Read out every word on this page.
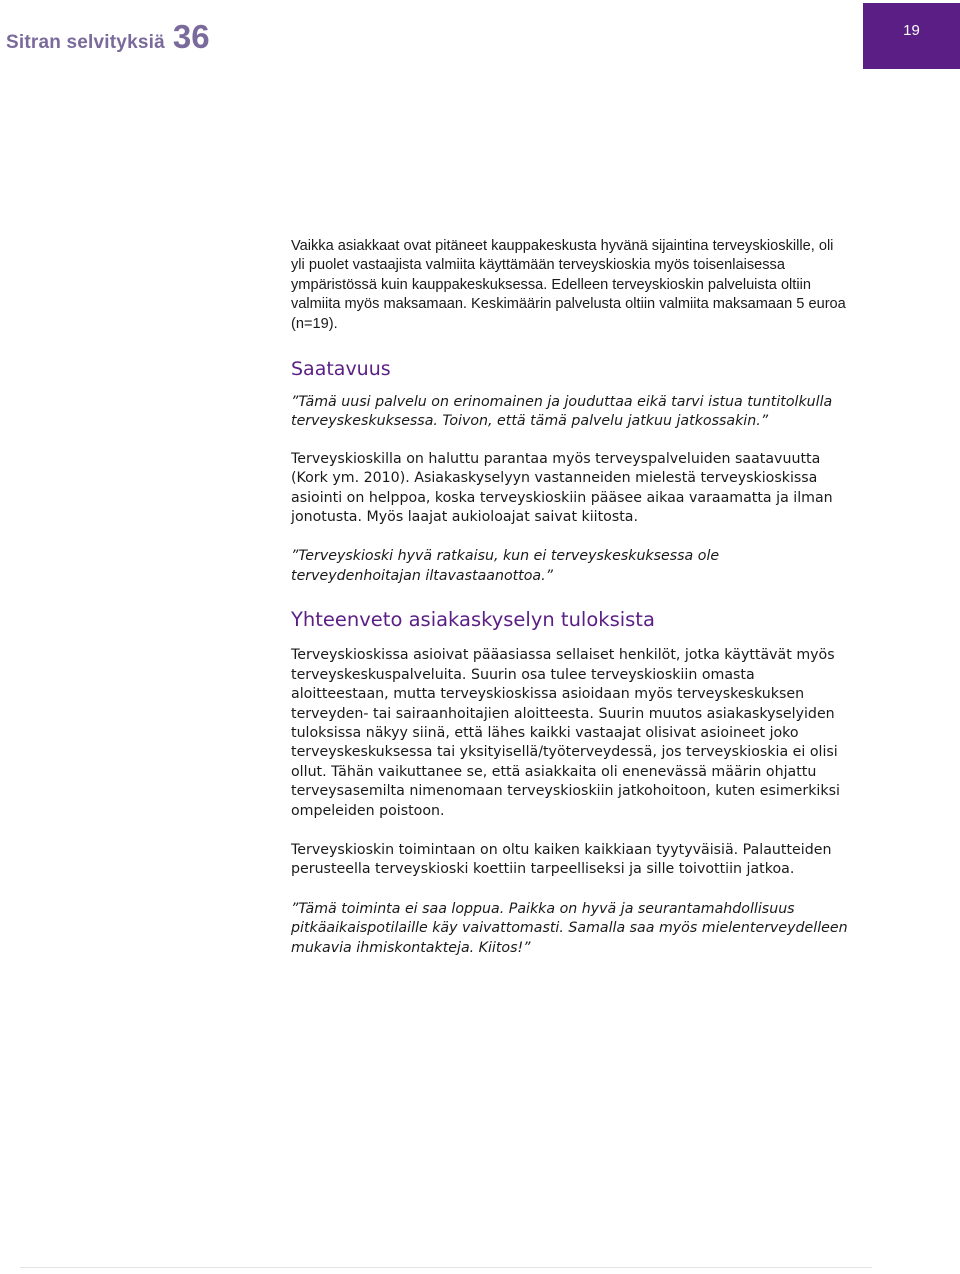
Sitran selvityksiä 36	19

Vaikka asiakkaat ovat pitäneet kauppakeskusta hyvänä sijaintina terveyskioskille, oli yli puolet vastaajista valmiita käyttämään terveyskioskia myös toisenlaisessa ympäristössä kuin kauppakeskuksessa. Edelleen terveyskioskin palveluista oltiin valmiita myös maksamaan. Keskimäärin palvelusta oltiin valmiita maksamaan 5 euroa (n=19).

Saatavuus

”Tämä uusi palvelu on erinomainen ja jouduttaa eikä tarvi istua tuntitolkulla terveyskeskuksessa. Toivon, että tämä palvelu jatkuu jatkossakin.”

Terveyskioskilla on haluttu parantaa myös terveyspalveluiden saatavuutta (Kork ym. 2010). Asiakaskyselyyn vastanneiden mielestä terveyskioskissa asiointi on helppoa, koska terveyskioskiin pääsee aikaa varaamatta ja ilman jonotusta. Myös laajat aukioloajat saivat kiitosta.

”Terveyskioski hyvä ratkaisu, kun ei terveyskeskuksessa ole terveydenhoitajan iltavastaanottoa.”

Yhteenveto asiakaskyselyn tuloksista

Terveyskioskissa asioivat pääasiassa sellaiset henkilöt, jotka käyttävät myös terveyskeskuspalveluita. Suurin osa tulee terveyskioskiin omasta aloitteestaan, mutta terveyskioskissa asioidaan myös terveyskeskuksen terveyden- tai sairaanhoitajien aloitteesta. Suurin muutos asiakaskyselyiden tuloksissa näkyy siinä, että lähes kaikki vastaajat olisivat asioineet joko terveyskeskuksessa tai yksityisellä/työterveydessä, jos terveyskioskia ei olisi ollut. Tähän vaikuttanee se, että asiakkaita oli enenevässä määrin ohjattu terveysasemilta nimenomaan terveyskioskiin jatkohoitoon, kuten esimerkiksi ompeleiden poistoon.

Terveyskioskin toimintaan on oltu kaiken kaikkiaan tyytyväisiä. Palautteiden perusteella terveyskioski koettiin tarpeelliseksi ja sille toivottiin jatkoa.

”Tämä toiminta ei saa loppua. Paikka on hyvä ja seurantamahdollisuus pitkäaikaispotilaille käy vaivattomasti. Samalla saa myös mielenterveydelleen mukavia ihmiskontakteja. Kiitos!”
